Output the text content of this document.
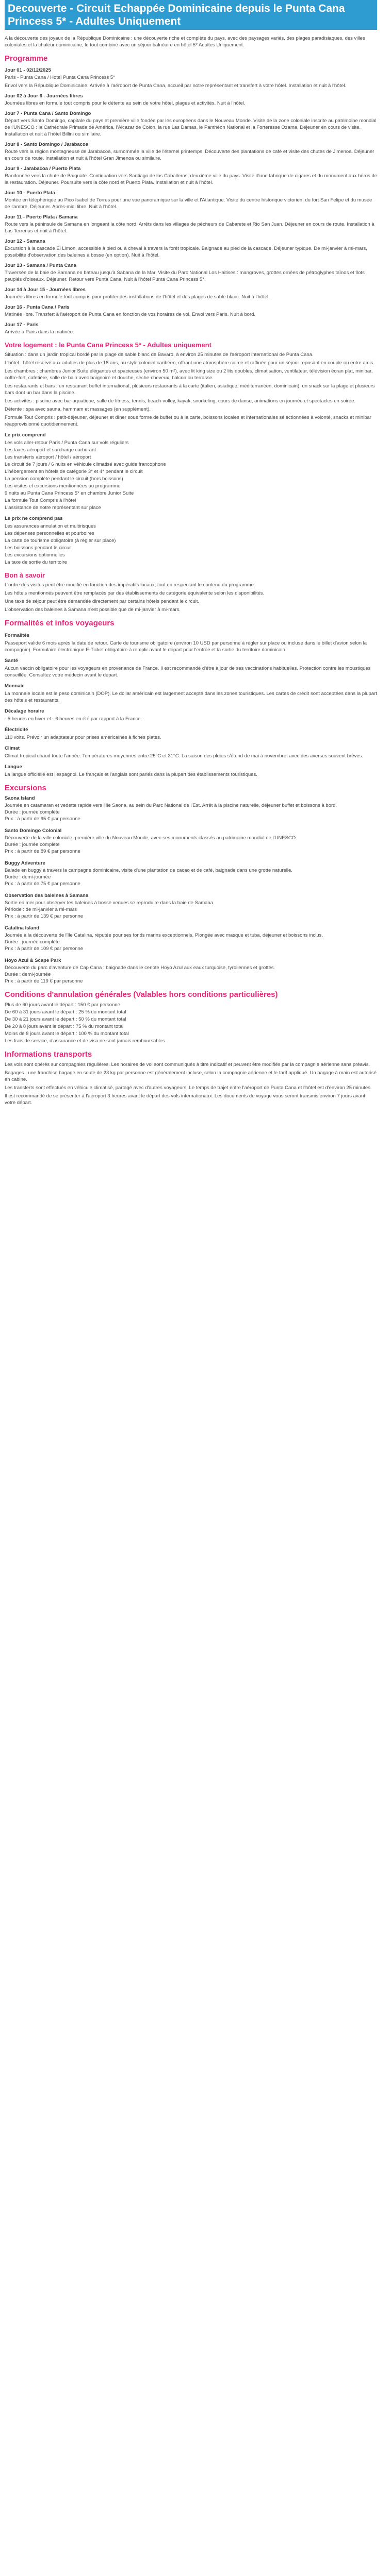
Decouverte - Circuit Echappée Dominicaine depuis le Punta Cana Princess 5* - Adultes Uniquement

A la découverte des joyaux de la République Dominicaine : une découverte riche et complète du pays, avec des paysages variés, des plages paradisiaques, des villes coloniales et la chaleur dominicaine, le tout combiné avec un séjour balnéaire en hôtel 5* Adultes Uniquement.

Programme
Jour 01 - 02/12/2025

Paris - Punta Cana / Hotel Punta Cana Princess 5*

Envol vers la République Dominicaine. Arrivée à l'aéroport de Punta Cana, accueil par notre représentant et transfert à votre hôtel. Installation et nuit à l'hôtel.

Jour 02 à Jour 6 - Journées libres

Journées libres en formule tout compris pour le détente au sein de votre hôtel, plages et activités. Nuit à l'hôtel.

Jour 7 - Punta Cana / Santo Domingo

Départ vers Santo Domingo, capitale du pays et première ville fondée par les européens dans le Nouveau Monde. Visite de la zone coloniale inscrite au patrimoine mondial de l'UNESCO : la Cathédrale Primada de América, l'Alcazar de Colon, la rue Las Damas, le Panthéon National et la Forteresse Ozama. Déjeuner en cours de visite. Installation et nuit à l'hôtel Billini ou similaire.

Jour 8 - Santo Domingo / Jarabacoa

Route vers la région montagneuse de Jarabacoa, surnommée la ville de l'éternel printemps. Découverte des plantations de café et visite des chutes de Jimenoa. Déjeuner en cours de route. Installation et nuit à l'hôtel Gran Jimenoa ou similaire.

Jour 9 - Jarabacoa / Puerto Plata

Randonnée vers la chute de Baiguate. Continuation vers Santiago de los Caballeros, deuxième ville du pays. Visite d'une fabrique de cigares et du monument aux héros de la restauration. Déjeuner. Poursuite vers la côte nord et Puerto Plata. Installation et nuit à l'hôtel.

Jour 10 - Puerto Plata

Montée en téléphérique au Pico Isabel de Torres pour une vue panoramique sur la ville et l'Atlantique. Visite du centre historique victorien, du fort San Felipe et du musée de l'ambre. Déjeuner. Après-midi libre. Nuit à l'hôtel.

Jour 11 - Puerto Plata / Samana

Route vers la péninsule de Samana en longeant la côte nord. Arrêts dans les villages de pêcheurs de Cabarete et Rio San Juan. Déjeuner en cours de route. Installation à Las Terrenas et nuit à l'hôtel.

Jour 12 - Samana

Excursion à la cascade El Limon, accessible à pied ou à cheval à travers la forêt tropicale. Baignade au pied de la cascade. Déjeuner typique. De mi-janvier à mi-mars, possibilité d'observation des baleines à bosse (en option). Nuit à l'hôtel.

Jour 13 - Samana / Punta Cana

Traversée de la baie de Samana en bateau jusqu'à Sabana de la Mar. Visite du Parc National Los Haitises : mangroves, grottes ornées de pétroglyphes taïnos et îlots peuplés d'oiseaux. Déjeuner. Retour vers Punta Cana. Nuit à l'hôtel Punta Cana Princess 5*.

Jour 14 à Jour 15 - Journées libres

Journées libres en formule tout compris pour profiter des installations de l'hôtel et des plages de sable blanc. Nuit à l'hôtel.

Jour 16 - Punta Cana / Paris

Matinée libre. Transfert à l'aéroport de Punta Cana en fonction de vos horaires de vol. Envol vers Paris. Nuit à bord.

Jour 17 - Paris

Arrivée à Paris dans la matinée.

Votre logement : le Punta Cana Princess 5* - Adultes uniquement

Situation : dans un jardin tropical bordé par la plage de sable blanc de Bavaro, à environ 25 minutes de l'aéroport international de Punta Cana.

L'hôtel : hôtel réservé aux adultes de plus de 18 ans, au style colonial caribéen, offrant une atmosphère calme et raffinée pour un séjour reposant en couple ou entre amis.

Les chambres : chambres Junior Suite élégantes et spacieuses (environ 50 m²), avec lit king size ou 2 lits doubles, climatisation, ventilateur, télévision écran plat, minibar, coffre-fort, cafetière, salle de bain avec baignoire et douche, sèche-cheveux, balcon ou terrasse.

Les restaurants et bars : un restaurant buffet international, plusieurs restaurants à la carte (italien, asiatique, méditerranéen, dominicain), un snack sur la plage et plusieurs bars dont un bar dans la piscine.

Les activités : piscine avec bar aquatique, salle de fitness, tennis, beach-volley, kayak, snorkeling, cours de danse, animations en journée et spectacles en soirée.

Détente : spa avec sauna, hammam et massages (en supplément).

Formule Tout Compris : petit-déjeuner, déjeuner et dîner sous forme de buffet ou à la carte, boissons locales et internationales sélectionnées à volonté, snacks et minibar réapprovisionné quotidiennement.

Le prix comprend
Les vols aller-retour Paris / Punta Cana sur vols réguliers
Les taxes aéroport et surcharge carburant
Les transferts aéroport / hôtel / aéroport
Le circuit de 7 jours / 6 nuits en véhicule climatisé avec guide francophone
L'hébergement en hôtels de catégorie 3* et 4* pendant le circuit
La pension complète pendant le circuit (hors boissons)
Les visites et excursions mentionnées au programme
9 nuits au Punta Cana Princess 5* en chambre Junior Suite
La formule Tout Compris à l'hôtel
L'assistance de notre représentant sur place
Le prix ne comprend pas
Les assurances annulation et multirisques
Les dépenses personnelles et pourboires
La carte de tourisme obligatoire (à régler sur place)
Les boissons pendant le circuit
Les excursions optionnelles
La taxe de sortie du territoire
Bon à savoir

L'ordre des visites peut être modifié en fonction des impératifs locaux, tout en respectant le contenu du programme.

Les hôtels mentionnés peuvent être remplacés par des établissements de catégorie équivalente selon les disponibilités.

Une taxe de séjour peut être demandée directement par certains hôtels pendant le circuit.

L'observation des baleines à Samana n'est possible que de mi-janvier à mi-mars.

Formalités et infos voyageurs
Formalités

Passeport valide 6 mois après la date de retour. Carte de tourisme obligatoire (environ 10 USD par personne à régler sur place ou incluse dans le billet d'avion selon la compagnie). Formulaire électronique E-Ticket obligatoire à remplir avant le départ pour l'entrée et la sortie du territoire dominicain.

Santé

Aucun vaccin obligatoire pour les voyageurs en provenance de France. Il est recommandé d'être à jour de ses vaccinations habituelles. Protection contre les moustiques conseillée. Consultez votre médecin avant le départ.

Monnaie

La monnaie locale est le peso dominicain (DOP). Le dollar américain est largement accepté dans les zones touristiques. Les cartes de crédit sont acceptées dans la plupart des hôtels et restaurants.

Décalage horaire

- 5 heures en hiver et - 6 heures en été par rapport à la France.

Électricité

110 volts. Prévoir un adaptateur pour prises américaines à fiches plates.

Climat

Climat tropical chaud toute l'année. Températures moyennes entre 25°C et 31°C. La saison des pluies s'étend de mai à novembre, avec des averses souvent brèves.

Langue

La langue officielle est l'espagnol. Le français et l'anglais sont parlés dans la plupart des établissements touristiques.

Excursions
Saona Island

Journée en catamaran et vedette rapide vers l'île Saona, au sein du Parc National de l'Est. Arrêt à la piscine naturelle, déjeuner buffet et boissons à bord.

Durée : journée complète

Prix : à partir de 95 € par personne

Santo Domingo Colonial

Découverte de la ville coloniale, première ville du Nouveau Monde, avec ses monuments classés au patrimoine mondial de l'UNESCO.

Durée : journée complète

Prix : à partir de 89 € par personne

Buggy Adventure

Balade en buggy à travers la campagne dominicaine, visite d'une plantation de cacao et de café, baignade dans une grotte naturelle.

Durée : demi-journée

Prix : à partir de 75 € par personne

Observation des baleines à Samana

Sortie en mer pour observer les baleines à bosse venues se reproduire dans la baie de Samana.

Période : de mi-janvier à mi-mars

Prix : à partir de 139 € par personne

Catalina Island

Journée à la découverte de l'île Catalina, réputée pour ses fonds marins exceptionnels. Plongée avec masque et tuba, déjeuner et boissons inclus.

Durée : journée complète

Prix : à partir de 109 € par personne

Hoyo Azul & Scape Park

Découverte du parc d'aventure de Cap Cana : baignade dans le cenote Hoyo Azul aux eaux turquoise, tyroliennes et grottes.

Durée : demi-journée

Prix : à partir de 119 € par personne

Conditions d'annulation générales (Valables hors conditions particulières)

Plus de 60 jours avant le départ : 150 € par personne

De 60 à 31 jours avant le départ : 25 % du montant total

De 30 à 21 jours avant le départ : 50 % du montant total

De 20 à 8 jours avant le départ : 75 % du montant total

Moins de 8 jours avant le départ : 100 % du montant total

Les frais de service, d'assurance et de visa ne sont jamais remboursables.

Informations transports

Les vols sont opérés sur compagnies régulières. Les horaires de vol sont communiqués à titre indicatif et peuvent être modifiés par la compagnie aérienne sans préavis.

Bagages : une franchise bagage en soute de 23 kg par personne est généralement incluse, selon la compagnie aérienne et le tarif appliqué. Un bagage à main est autorisé en cabine.

Les transferts sont effectués en véhicule climatisé, partagé avec d'autres voyageurs. Le temps de trajet entre l'aéroport de Punta Cana et l'hôtel est d'environ 25 minutes.

Il est recommandé de se présenter à l'aéroport 3 heures avant le départ des vols internationaux. Les documents de voyage vous seront transmis environ 7 jours avant votre départ.
